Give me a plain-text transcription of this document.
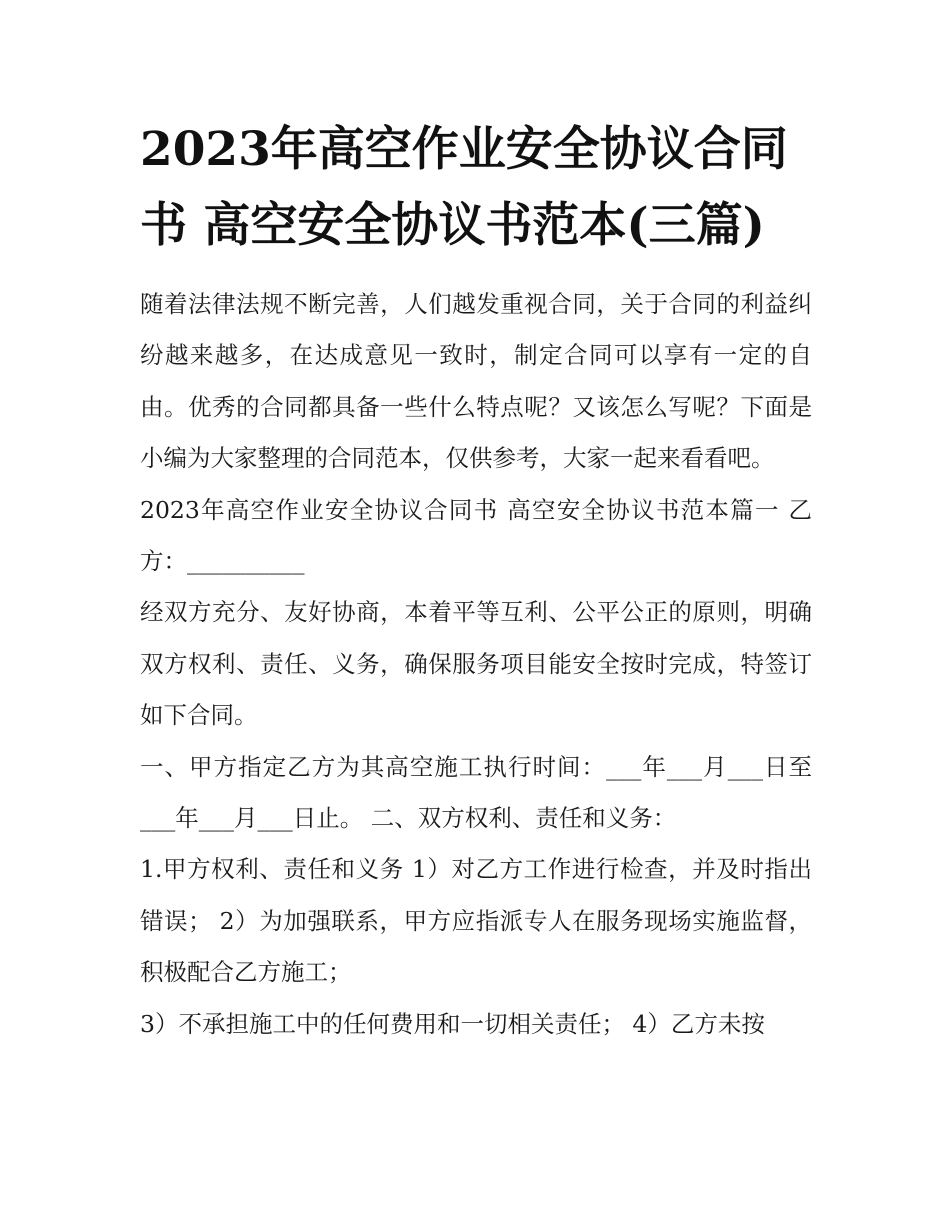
2023年高空作业安全协议合同书 高空安全协议书范本(三篇)

随着法律法规不断完善，人们越发重视合同，关于合同的利益纠纷越来越多，在达成意见一致时，制定合同可以享有一定的自由。优秀的合同都具备一些什么特点呢？又该怎么写呢？下面是小编为大家整理的合同范本，仅供参考，大家一起来看看吧。

2023年高空作业安全协议合同书 高空安全协议书范本篇一 乙方：__________

经双方充分、友好协商，本着平等互利、公平公正的原则，明确双方权利、责任、义务，确保服务项目能安全按时完成，特签订如下合同。

一、甲方指定乙方为其高空施工执行时间：___年___月___日至___年___月___日止。 二、双方权利、责任和义务：

1.甲方权利、责任和义务 1）对乙方工作进行检查，并及时指出错误； 2）为加强联系，甲方应指派专人在服务现场实施监督，积极配合乙方施工；

3）不承担施工中的任何费用和一切相关责任； 4）乙方未按
